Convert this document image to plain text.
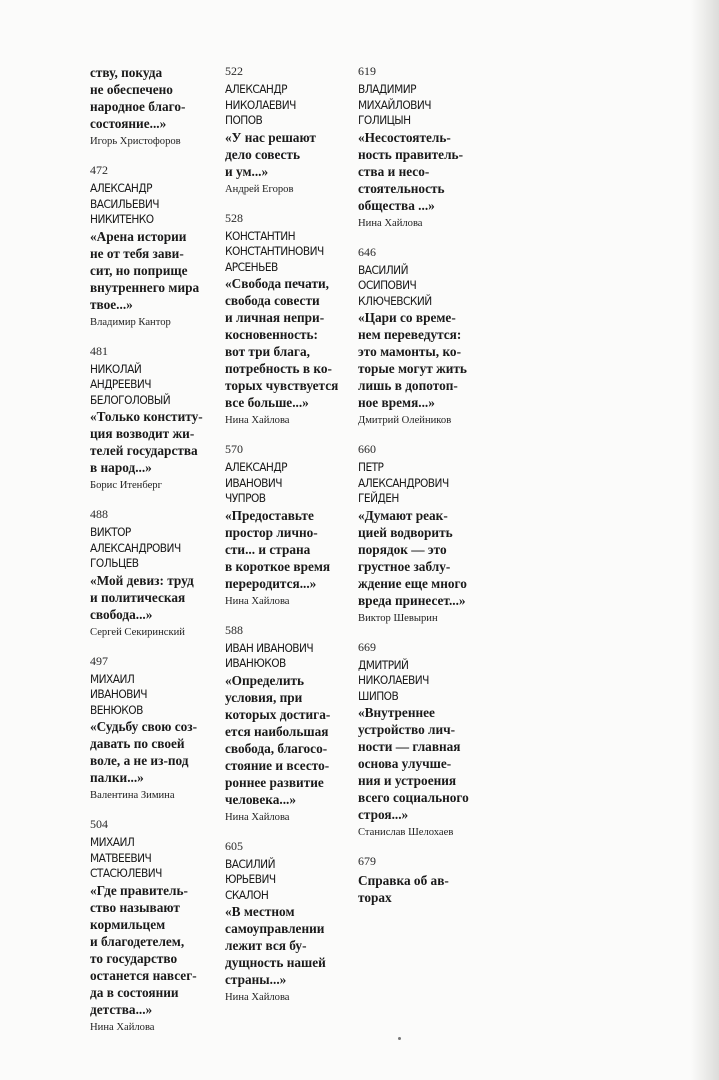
ству, покуда
не обеспечено
народное благо-
состояние...»
Игорь Христофоров
472
АЛЕКСАНДР
ВАСИЛЬЕВИЧ
НИКИТЕНКО
«Арена истории
не от тебя зави-
сит, но поприще
внутреннего мира
твое...»
Владимир Кантор
481
НИКОЛАЙ
АНДРЕЕВИЧ
БЕЛОГОЛОВЫЙ
«Только конститу-
ция возводит жи-
телей государства
в народ...»
Борис Итенберг
488
ВИКТОР
АЛЕКСАНДРОВИЧ
ГОЛЬЦЕВ
«Мой девиз: труд
и политическая
свобода...»
Сергей Секиринский
497
МИХАИЛ
ИВАНОВИЧ
ВЕНЮКОВ
«Судьбу свою соз-
давать по своей
воле, а не из-под
палки...»
Валентина Зимина
504
МИХАИЛ
МАТВЕЕВИЧ
СТАСЮЛЕВИЧ
«Где правитель-
ство называют
кормильцем
и благодетелем,
то государство
останется навсег-
да в состоянии
детства...»
Нина Хайлова
522
АЛЕКСАНДР
НИКОЛАЕВИЧ
ПОПОВ
«У нас решают
дело совесть
и ум...»
Андрей Егоров
528
КОНСТАНТИН
КОНСТАНТИНОВИЧ
АРСЕНЬЕВ
«Свобода печати,
свобода совести
и личная непри-
косновенность:
вот три блага,
потребность в ко-
торых чувствуется
все больше...»
Нина Хайлова
570
АЛЕКСАНДР
ИВАНОВИЧ
ЧУПРОВ
«Предоставьте
простор лично-
сти... и страна
в короткое время
переродится...»
Нина Хайлова
588
ИВАН ИВАНОВИЧ
ИВАНЮКОВ
«Определить
условия, при
которых достига-
ется наибольшая
свобода, благосо-
стояние и всесто-
роннее развитие
человека...»
Нина Хайлова
605
ВАСИЛИЙ
ЮРЬЕВИЧ
СКАЛОН
«В местном
самоуправлении
лежит вся бу-
дущность нашей
страны...»
Нина Хайлова
619
ВЛАДИМИР
МИХАЙЛОВИЧ
ГОЛИЦЫН
«Несостоятель-
ность правитель-
ства и несо-
стоятельность
общества ...»
Нина Хайлова
646
ВАСИЛИЙ
ОСИПОВИЧ
КЛЮЧЕВСКИЙ
«Цари со време-
нем переведутся:
это мамонты, ко-
торые могут жить
лишь в допотоп-
ное время...»
Дмитрий Олейников
660
ПЕТР
АЛЕКСАНДРОВИЧ
ГЕЙДЕН
«Думают реак-
цией водворить
порядок — это
грустное заблу-
ждение еще много
вреда принесет...»
Виктор Шевырин
669
ДМИТРИЙ
НИКОЛАЕВИЧ
ШИПОВ
«Внутреннее
устройство лич-
ности — главная
основа улучше-
ния и устроения
всего социального
строя...»
Станислав Шелохаев
679
Справка об ав-
торах
